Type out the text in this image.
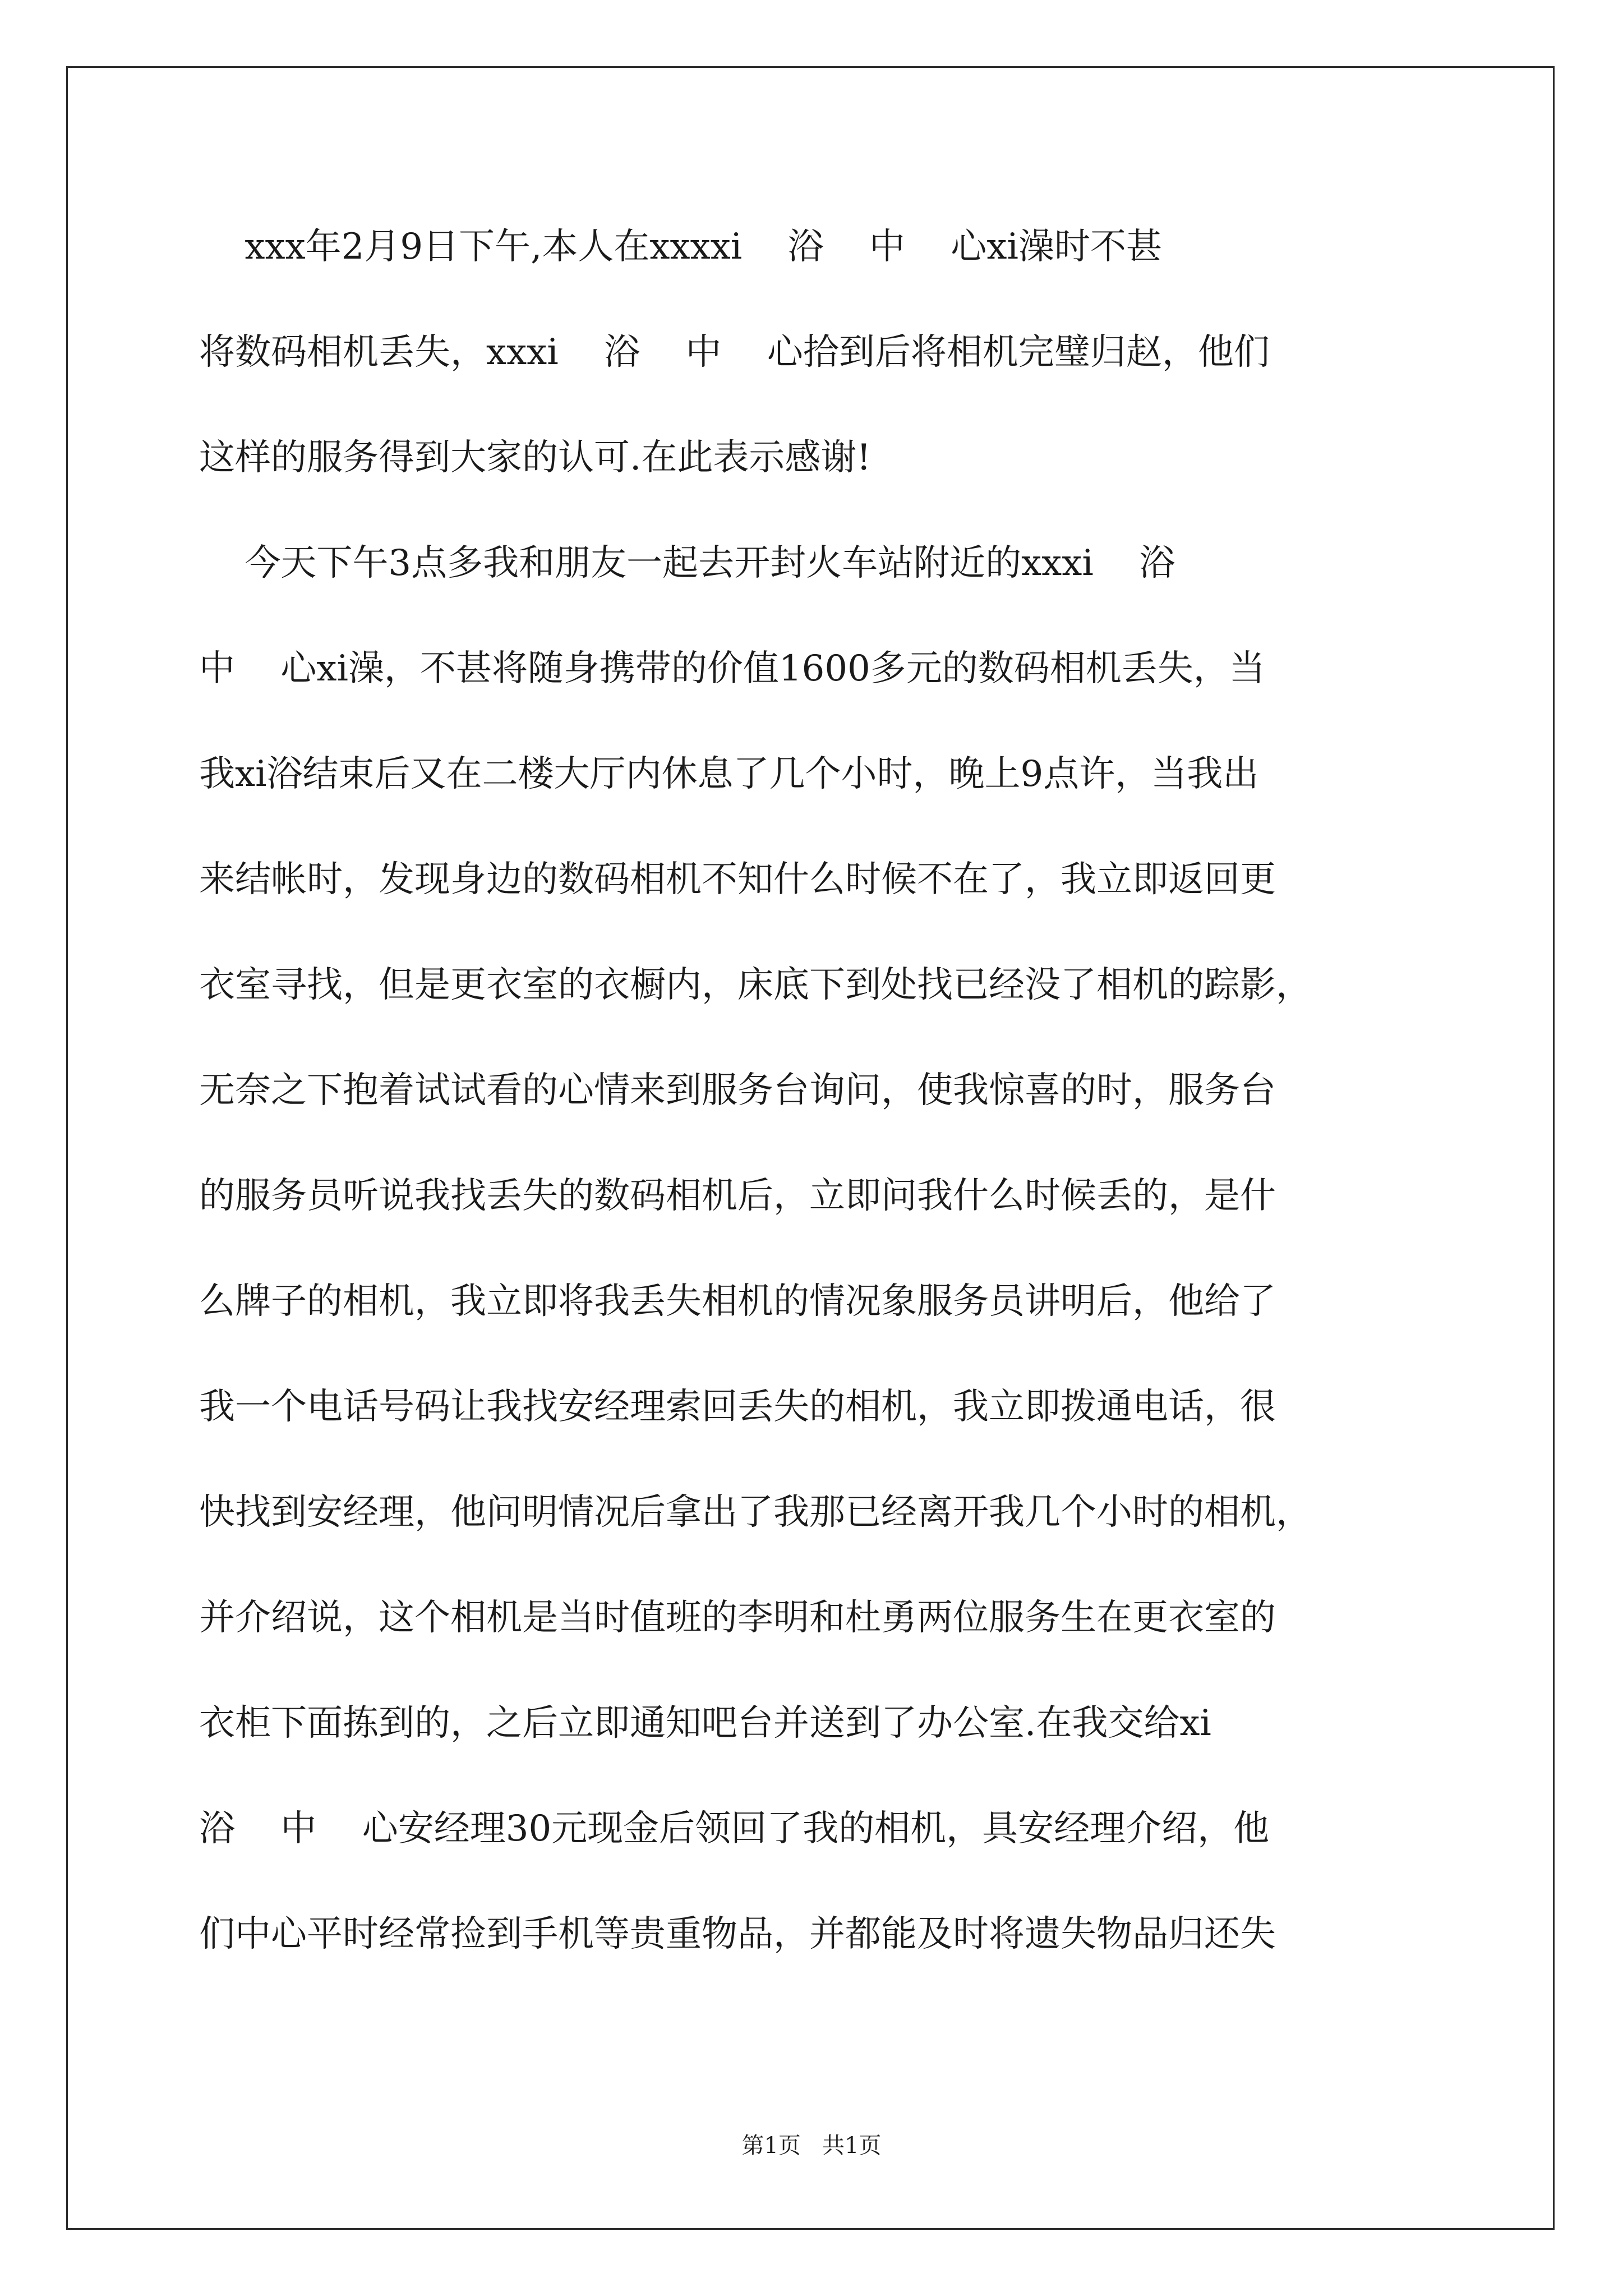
xxx年2月9日下午,本人在xxxxi    浴    中    心xi澡时不甚
将数码相机丢失，xxxi    浴    中    心拾到后将相机完璧归赵，他们
这样的服务得到大家的认可.在此表示感谢!
今天下午3点多我和朋友一起去开封火车站附近的xxxi    浴
中    心xi澡，不甚将随身携带的价值1600多元的数码相机丢失，当
我xi浴结束后又在二楼大厅内休息了几个小时，晚上9点许，当我出
来结帐时，发现身边的数码相机不知什么时候不在了，我立即返回更
衣室寻找，但是更衣室的衣橱内，床底下到处找已经没了相机的踪影，
无奈之下抱着试试看的心情来到服务台询问，使我惊喜的时，服务台
的服务员听说我找丢失的数码相机后，立即问我什么时候丢的，是什
么牌子的相机，我立即将我丢失相机的情况象服务员讲明后，他给了
我一个电话号码让我找安经理索回丢失的相机，我立即拨通电话，很
快找到安经理，他问明情况后拿出了我那已经离开我几个小时的相机，
并介绍说，这个相机是当时值班的李明和杜勇两位服务生在更衣室的
衣柜下面拣到的，之后立即通知吧台并送到了办公室.在我交给xi
浴    中    心安经理30元现金后领回了我的相机，具安经理介绍，他
们中心平时经常捡到手机等贵重物品，并都能及时将遗失物品归还失
第1页   共1页
